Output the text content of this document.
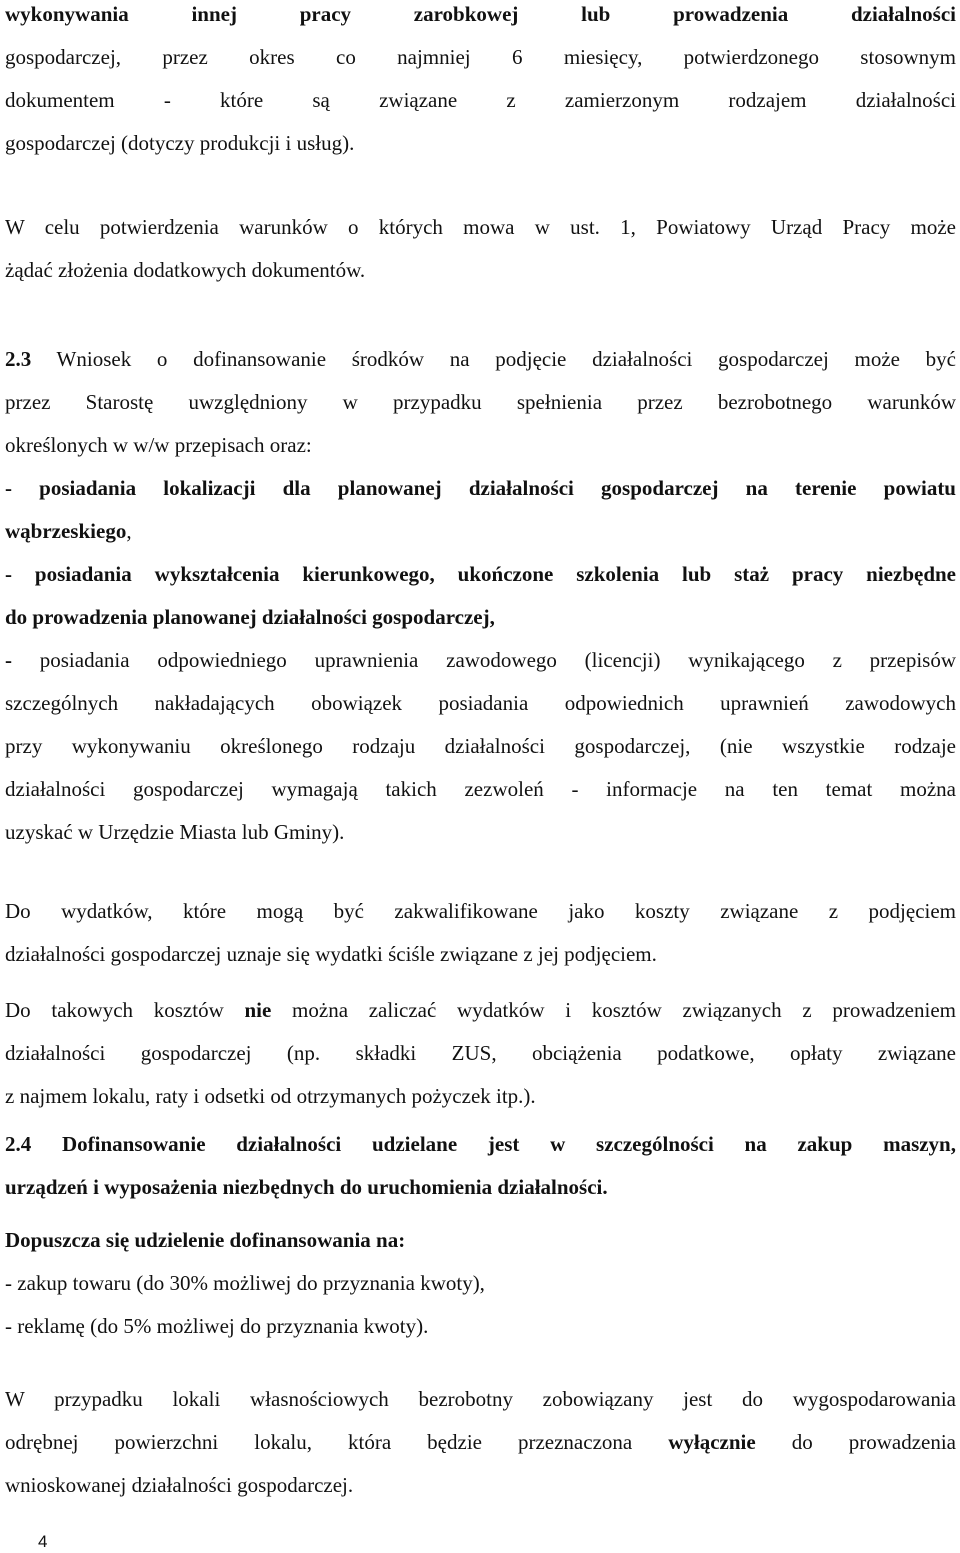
wykonywania innej pracy zarobkowej lub prowadzenia działalności
gospodarczej, przez okres co najmniej 6 miesięcy, potwierdzonego stosownym
dokumentem - które są związane z zamierzonym rodzajem działalności
gospodarczej (dotyczy produkcji i usług).
W celu potwierdzenia warunków o których mowa w ust. 1, Powiatowy Urząd Pracy może
żądać złożenia dodatkowych dokumentów.
2.3 Wniosek o dofinansowanie środków na podjęcie działalności gospodarczej może być
przez Starostę uwzględniony w przypadku spełnienia przez bezrobotnego warunków
określonych w w/w przepisach oraz:
- posiadania lokalizacji dla planowanej działalności gospodarczej na terenie powiatu
wąbrzeskiego,
- posiadania wykształcenia kierunkowego, ukończone szkolenia lub staż pracy niezbędne
do prowadzenia planowanej działalności gospodarczej,
- posiadania odpowiedniego uprawnienia zawodowego (licencji) wynikającego z przepisów
szczególnych nakładających obowiązek posiadania odpowiednich uprawnień zawodowych
przy wykonywaniu określonego rodzaju działalności gospodarczej, (nie wszystkie rodzaje
działalności gospodarczej wymagają takich zezwoleń - informacje na ten temat można
uzyskać w Urzędzie Miasta lub Gminy).
Do wydatków, które mogą być zakwalifikowane jako koszty związane z podjęciem
działalności gospodarczej uznaje się wydatki ściśle związane z jej podjęciem.
Do takowych kosztów nie można zaliczać wydatków i kosztów związanych z prowadzeniem
działalności gospodarczej (np. składki ZUS, obciążenia podatkowe, opłaty związane
z najmem lokalu, raty i odsetki od otrzymanych pożyczek itp.).
2.4 Dofinansowanie działalności udzielane jest w szczególności na zakup maszyn,
urządzeń i wyposażenia niezbędnych do uruchomienia działalności.
Dopuszcza się udzielenie dofinansowania na:
- zakup towaru (do 30% możliwej do przyznania kwoty),
- reklamę (do 5% możliwej do przyznania kwoty).
W przypadku lokali własnościowych bezrobotny zobowiązany jest do wygospodarowania
odrębnej powierzchni lokalu, która będzie przeznaczona wyłącznie do prowadzenia
wnioskowanej działalności gospodarczej.
4
